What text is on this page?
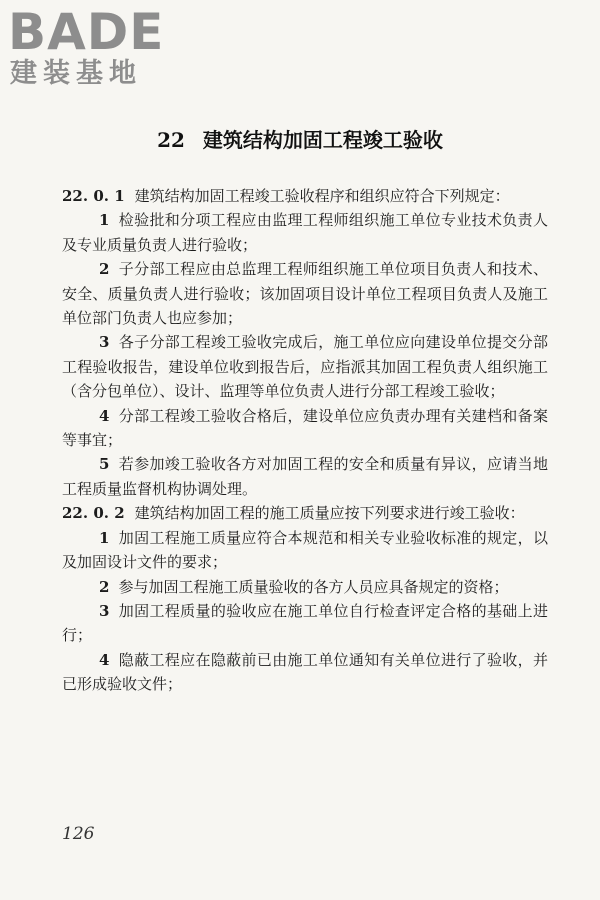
BADE
建装基地
22 建筑结构加固工程竣工验收

22. 0. 1 建筑结构加固工程竣工验收程序和组织应符合下列规定：

1 检验批和分项工程应由监理工程师组织施工单位专业技术负责人及专业质量负责人进行验收；

2 子分部工程应由总监理工程师组织施工单位项目负责人和技术、安全、质量负责人进行验收；该加固项目设计单位工程项目负责人及施工单位部门负责人也应参加；

3 各子分部工程竣工验收完成后，施工单位应向建设单位提交分部工程验收报告，建设单位收到报告后，应指派其加固工程负责人组织施工（含分包单位）、设计、监理等单位负责人进行分部工程竣工验收；

4 分部工程竣工验收合格后，建设单位应负责办理有关建档和备案等事宜；

5 若参加竣工验收各方对加固工程的安全和质量有异议，应请当地工程质量监督机构协调处理。

22. 0. 2 建筑结构加固工程的施工质量应按下列要求进行竣工验收：

1 加固工程施工质量应符合本规范和相关专业验收标准的规定，以及加固设计文件的要求；

2 参与加固工程施工质量验收的各方人员应具备规定的资格；

3 加固工程质量的验收应在施工单位自行检查评定合格的基础上进行；

4 隐蔽工程应在隐蔽前已由施工单位通知有关单位进行了验收，并已形成验收文件；

126
